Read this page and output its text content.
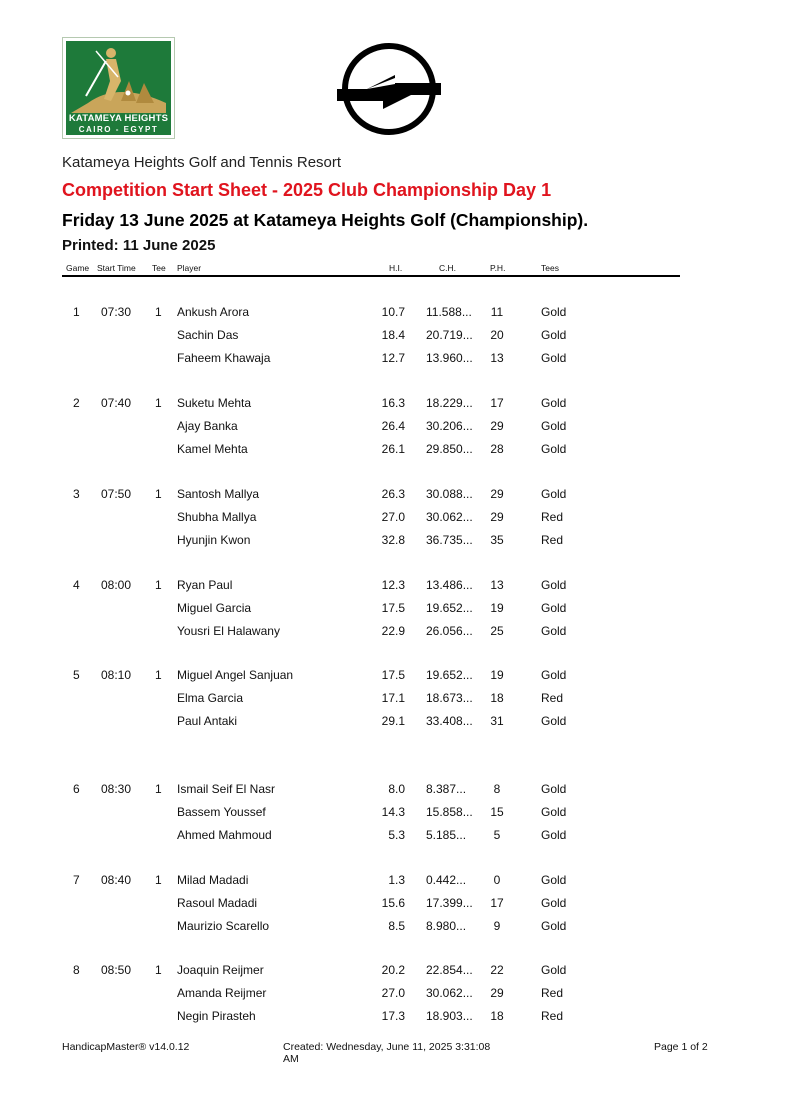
KATAMEYA HEIGHTS
CAIRO - EGYPT
Katameya Heights Golf and Tennis Resort
Competition Start Sheet - 2025 Club Championship Day 1
Friday 13 June 2025 at Katameya Heights Golf (Championship).
Printed: 11 June 2025
Game Start Time Tee Player	H.I.	C.H.	P.H.	Tees
1 07:30 1 Ankush Arora	10.7 11.588...	11	Gold
Sachin Das	18.4 20.719...	20	Gold
Faheem Khawaja	12.7 13.960...	13	Gold
2 07:40 1 Suketu Mehta	16.3 18.229...	17	Gold
Ajay Banka	26.4 30.206...	29	Gold
Kamel Mehta	26.1 29.850...	28	Gold
3 07:50 1 Santosh Mallya	26.3 30.088...	29	Gold
Shubha Mallya	27.0 30.062...	29	Red
Hyunjin Kwon	32.8 36.735...	35	Red
4 08:00 1 Ryan Paul	12.3 13.486...	13	Gold
Miguel Garcia	17.5 19.652...	19	Gold
Yousri El Halawany	22.9 26.056...	25	Gold
5 08:10 1 Miguel Angel Sanjuan	17.5 19.652...	19	Gold
Elma Garcia	17.1 18.673...	18	Red
Paul Antaki	29.1 33.408...	31	Gold
6 08:30 1 Ismail Seif El Nasr	8.0 8.387...	8	Gold
Bassem Youssef	14.3 15.858...	15	Gold
Ahmed Mahmoud	5.3 5.185...	5	Gold
7 08:40 1 Milad Madadi	1.3 0.442...	0	Gold
Rasoul Madadi	15.6 17.399...	17	Gold
Maurizio Scarello	8.5 8.980...	9	Gold
8 08:50 1 Joaquin Reijmer	20.2 22.854...	22	Gold
Amanda Reijmer	27.0 30.062...	29	Red
Negin Pirasteh	17.3 18.903...	18	Red
HandicapMaster® v14.0.12	Created: Wednesday, June 11, 2025 3:31:08
AM
Page 1 of 2
